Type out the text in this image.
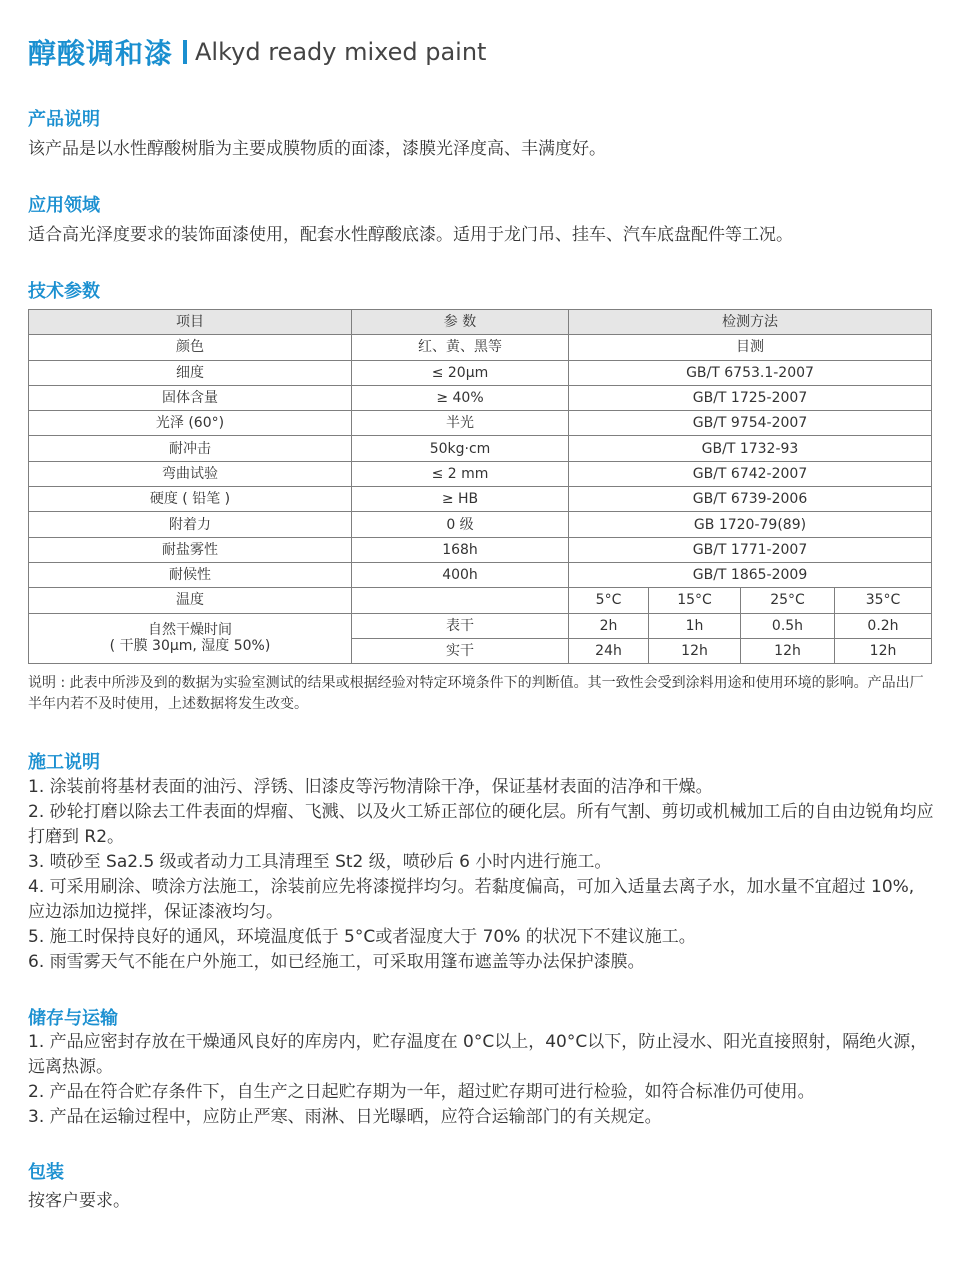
醇酸调和漆 Alkyd ready mixed paint
产品说明
该产品是以水性醇酸树脂为主要成膜物质的面漆，漆膜光泽度高、丰满度好。
应用领域
适合高光泽度要求的装饰面漆使用，配套水性醇酸底漆。适用于龙门吊、挂车、汽车底盘配件等工况。
技术参数
项目	参 数	检测方法			
颜色	红、黄、黑等	目测			
细度	≤ 20μm	GB/T 6753.1-2007			
固体含量	≥ 40%	GB/T 1725-2007			
光泽 (60°)	半光	GB/T 9754-2007			
耐冲击	50kg·cm	GB/T 1732-93			
弯曲试验	≤ 2 mm	GB/T 6742-2007			
硬度 ( 铅笔 )	≥ HB	GB/T 6739-2006			
附着力	0 级	GB 1720-79(89)			
耐盐雾性	168h	GB/T 1771-2007			
耐候性	400h	GB/T 1865-2009			
温度		5°C	15°C	25°C	35°C

自然干燥时间
( 干膜 30μm, 湿度 50%)	表干	2h	1h	0.5h	0.2h
	实干	24h	12h	12h	12h
说明 : 此表中所涉及到的数据为实验室测试的结果或根据经验对特定环境条件下的判断值。其一致性会受到涂料用途和使用环境的影响。产品出厂半年内若不及时使用，上述数据将发生改变。
施工说明
1. 涂装前将基材表面的油污、浮锈、旧漆皮等污物清除干净，保证基材表面的洁净和干燥。
2. 砂轮打磨以除去工件表面的焊瘤、飞溅、以及火工矫正部位的硬化层。所有气割、剪切或机械加工后的自由边锐角均应打磨到 R2。
3. 喷砂至 Sa2.5 级或者动力工具清理至 St2 级，喷砂后 6 小时内进行施工。
4. 可采用刷涂、喷涂方法施工，涂装前应先将漆搅拌均匀。若黏度偏高，可加入适量去离子水，加水量不宜超过 10%, 应边添加边搅拌，保证漆液均匀。
5. 施工时保持良好的通风，环境温度低于 5°C或者湿度大于 70% 的状况下不建议施工。
6. 雨雪雾天气不能在户外施工，如已经施工，可采取用篷布遮盖等办法保护漆膜。
储存与运输
1. 产品应密封存放在干燥通风良好的库房内，贮存温度在 0°C以上，40°C以下，防止浸水、阳光直接照射，隔绝火源，远离热源。
2. 产品在符合贮存条件下，自生产之日起贮存期为一年，超过贮存期可进行检验，如符合标准仍可使用。
3. 产品在运输过程中，应防止严寒、雨淋、日光曝晒，应符合运输部门的有关规定。
包装
按客户要求。
